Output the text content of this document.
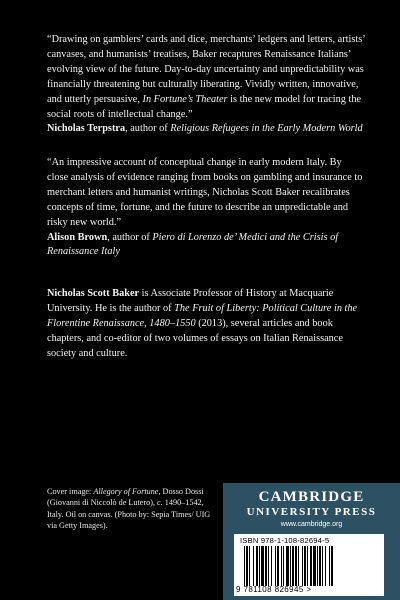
“Drawing on gamblers’ cards and dice, merchants’ ledgers and letters, artists’ canvases, and humanists’ treatises, Baker recaptures Renaissance Italians’ evolving view of the future. Day-to-day uncertainty and unpredictability was financially threatening but culturally liberating. Vividly written, innovative, and utterly persuasive, In Fortune’s Theater is the new model for tracing the social roots of intellectual change.”

Nicholas Terpstra, author of Religious Refugees in the Early Modern World

“An impressive account of conceptual change in early modern Italy. By close analysis of evidence ranging from books on gambling and insurance to merchant letters and humanist writings, Nicholas Scott Baker recalibrates concepts of time, fortune, and the future to describe an unpredictable and risky new world.”

Alison Brown, author of Piero di Lorenzo de’ Medici and the Crisis of Renaissance Italy

Nicholas Scott Baker is Associate Professor of History at Macquarie University. He is the author of The Fruit of Liberty: Political Culture in the Florentine Renaissance, 1480–1550 (2013), several articles and book chapters, and co-editor of two volumes of essays on Italian Renaissance society and culture.

Cover image: Allegory of Fortune, Dosso Dossi (Giovanni di Niccolò de Lutero), c. 1490–1542, Italy. Oil on canvas. (Photo by: Sepia Times/ UIG via Getty Images).

CAMBRIDGE
UNIVERSITY PRESS
www.cambridge.org
ISBN 978-1-108-82694-5
9 781108 826945 >
